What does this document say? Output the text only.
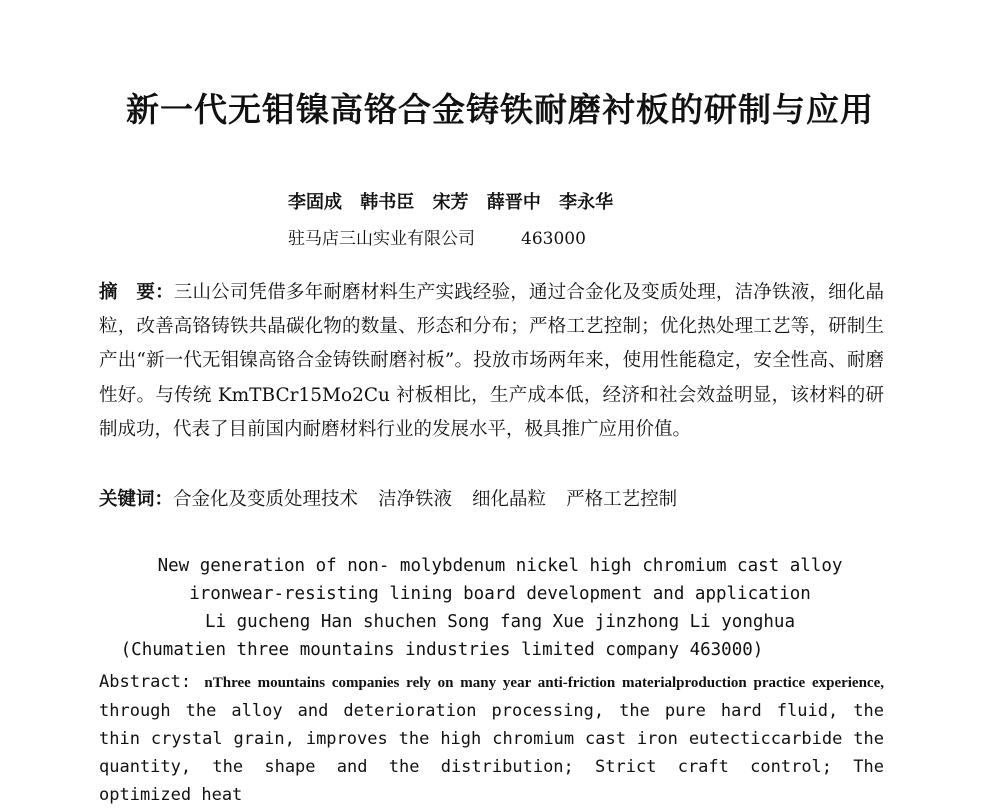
新一代无钼镍高铬合金铸铁耐磨衬板的研制与应用
李固成 韩书臣 宋芳 薛晋中 李永华
驻马店三山实业有限公司	463000
摘　要：三山公司凭借多年耐磨材料生产实践经验，通过合金化及变质处理，洁净铁液，细化晶粒，改善高铬铸铁共晶碳化物的数量、形态和分布；严格工艺控制；优化热处理工艺等，研制生产出“新一代无钼镍高铬合金铸铁耐磨衬板”。投放市场两年来，使用性能稳定，安全性高、耐磨性好。与传统 KmTBCr15Mo2Cu 衬板相比，生产成本低，经济和社会效益明显，该材料的研制成功，代表了目前国内耐磨材料行业的发展水平，极具推广应用价值。
关键词：合金化及变质处理技术 洁净铁液 细化晶粒 严格工艺控制
New generation of non- molybdenum nickel high chromium cast alloy
ironwear-resisting lining board development and application
Li gucheng Han shuchen Song fang Xue jinzhong Li yonghua
(Chumatien three mountains industries limited company 463000)
Abstract: nThree mountains companies rely on many year anti-friction materialproduction practice experience, through the alloy and deterioration processing, the pure hard fluid, the thin crystal grain, improves the high chromium cast iron eutecticcarbide the quantity, the shape and the distribution; Strict craft control; The optimized heat
